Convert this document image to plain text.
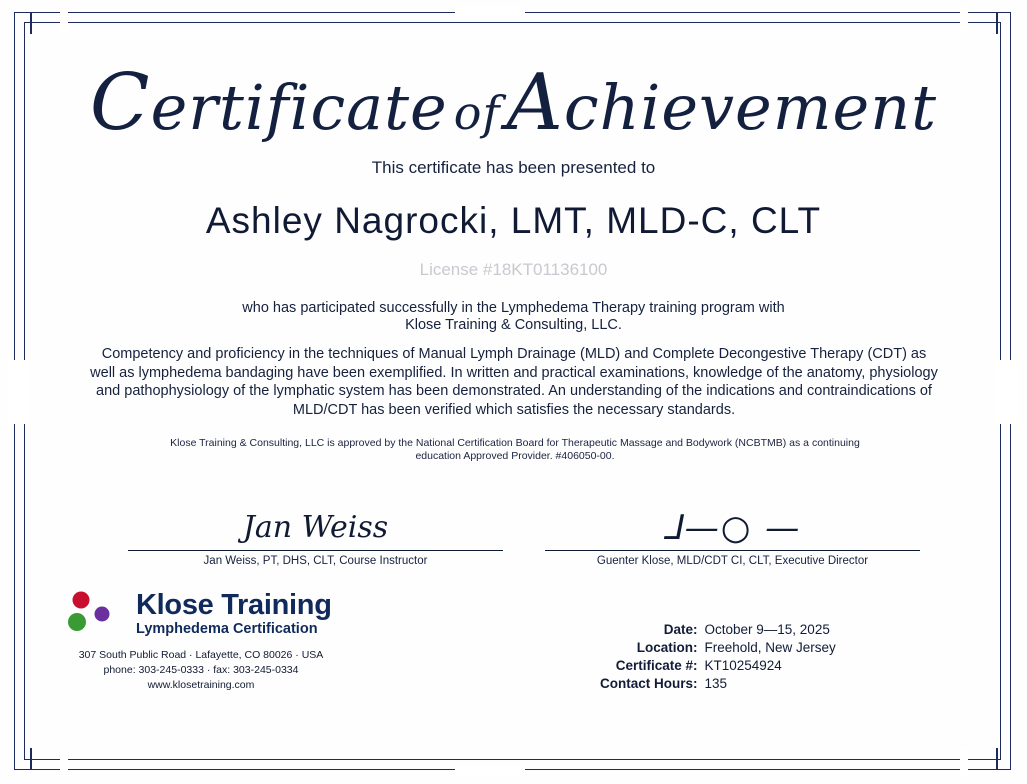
Certificate ofAchievement
This certificate has been presented to
Ashley Nagrocki, LMT, MLD-C, CLT
License #18KT01136100
who has participated successfully in the Lymphedema Therapy training program with
Klose Training & Consulting, LLC.
Competency and proficiency in the techniques of Manual Lymph Drainage (MLD) and Complete Decongestive Therapy (CDT) as well as lymphedema bandaging have been exemplified. In written and practical examinations, knowledge of the anatomy, physiology and pathophysiology of the lymphatic system has been demonstrated. An understanding of the indications and contraindications of MLD/CDT has been verified which satisfies the necessary standards.
Klose Training & Consulting, LLC is approved by the National Certification Board for Therapeutic Massage and Bodywork (NCBTMB) as a continuing education Approved Provider. #406050-00.
Jan Weiss
Jan Weiss, PT, DHS, CLT, Course Instructor
⅃—○ —
Guenter Klose, MLD/CDT CI, CLT, Executive Director
Klose Training
Lymphedema Certification
307 South Public Road · Lafayette, CO 80026 · USA
phone: 303-245-0333 · fax: 303-245-0334
www.klosetraining.com
Date:	October 9—15, 2025
Location:	Freehold, New Jersey
Certificate #:	KT10254924
Contact Hours:	135
